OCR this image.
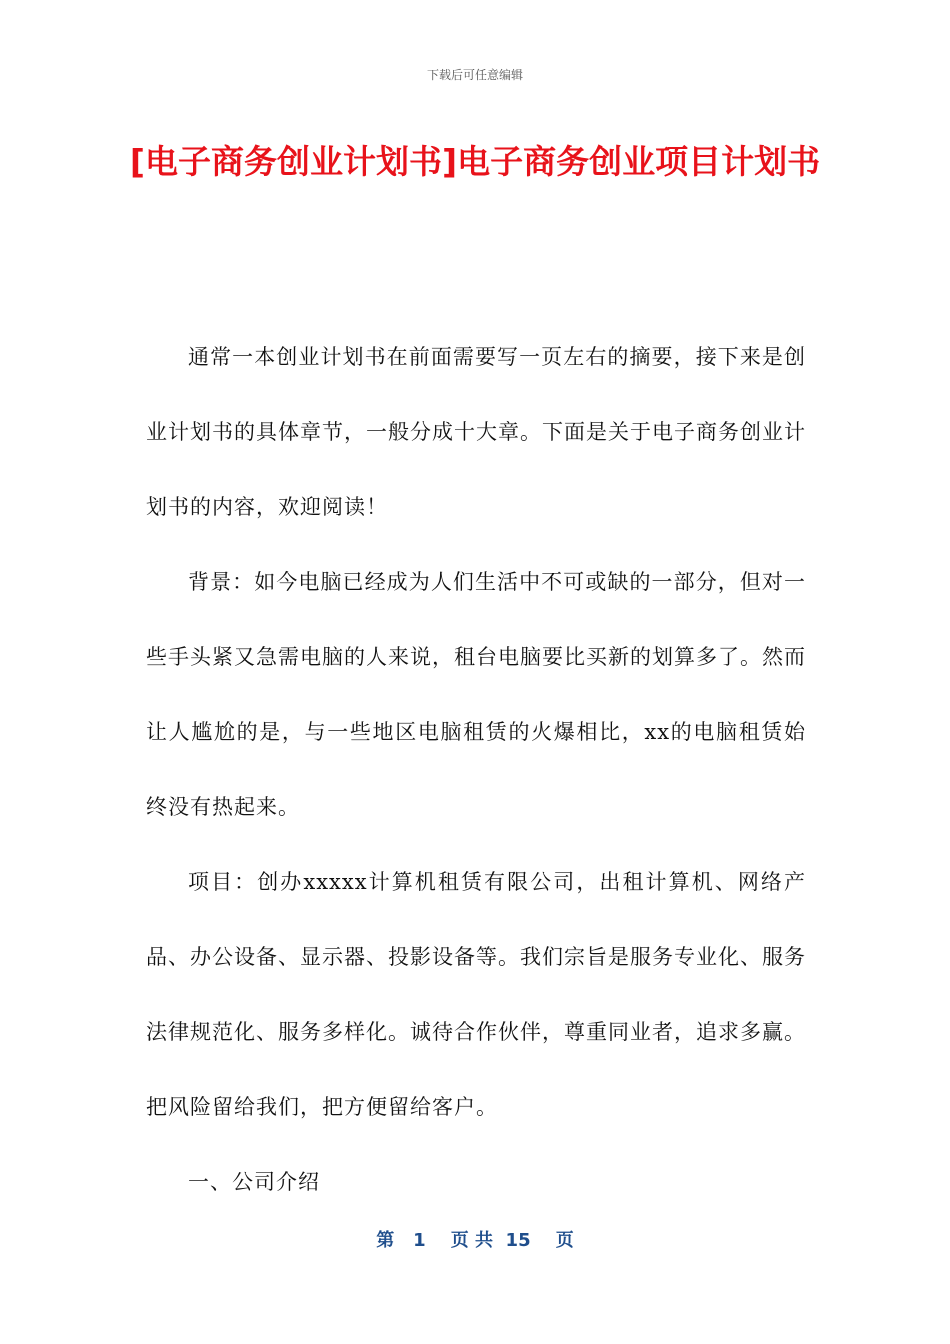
下载后可任意编辑
[电子商务创业计划书]电子商务创业项目计划书

通常一本创业计划书在前面需要写一页左右的摘要，接下来是创业计划书的具体章节，一般分成十大章。下面是关于电子商务创业计划书的内容，欢迎阅读！

背景：如今电脑已经成为人们生活中不可或缺的一部分，但对一些手头紧又急需电脑的人来说，租台电脑要比买新的划算多了。然而让人尴尬的是，与一些地区电脑租赁的火爆相比，xx的电脑租赁始终没有热起来。

项目：创办xxxxx计算机租赁有限公司，出租计算机、网络产品、办公设备、显示器、投影设备等。我们宗旨是服务专业化、服务法律规范化、服务多样化。诚待合作伙伴，尊重同业者，追求多赢。把风险留给我们，把方便留给客户。

一、公司介绍

第 1 页 共 15 页
